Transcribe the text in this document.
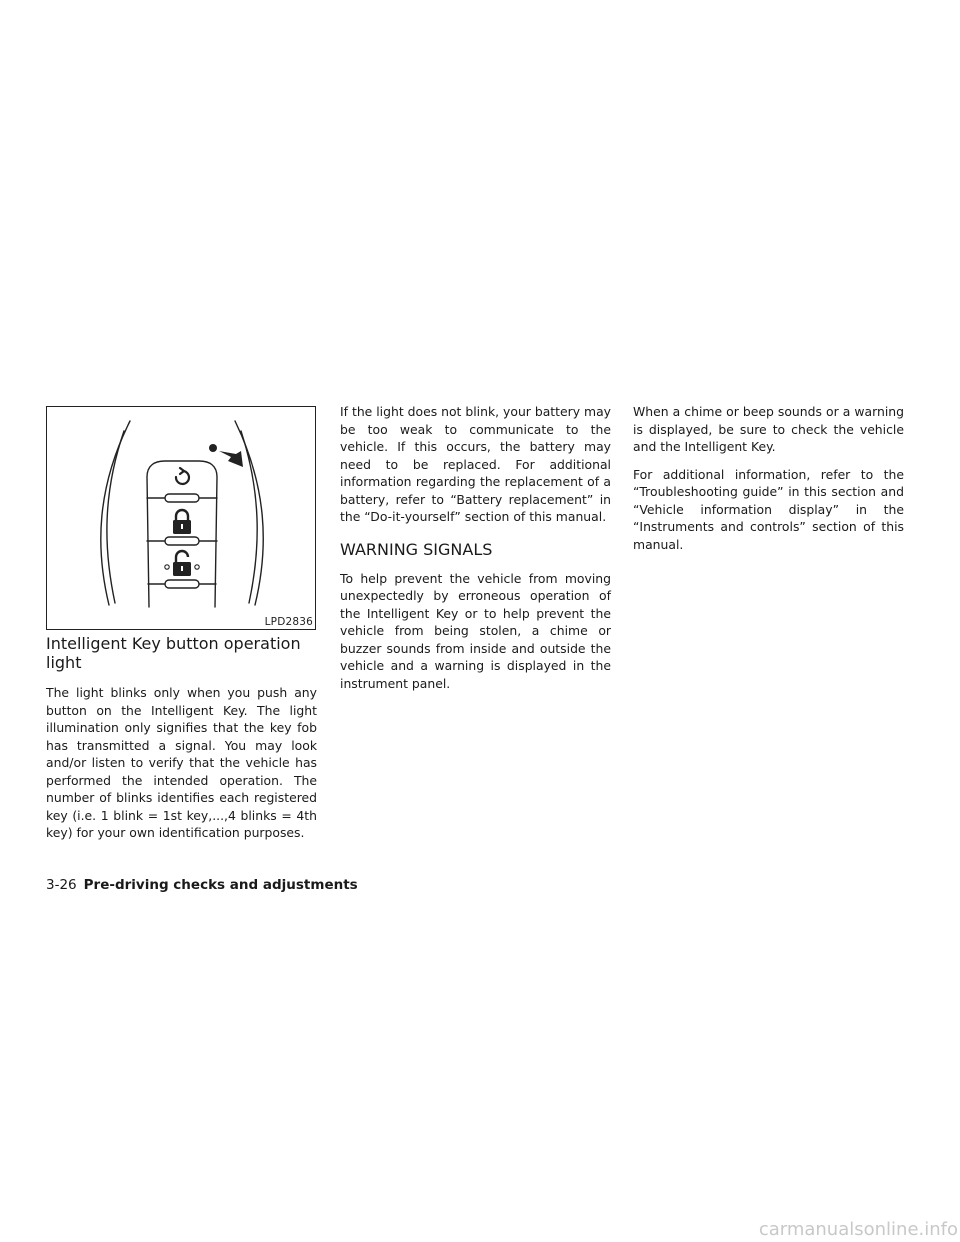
LPD2836
Intelligent Key button operation light

The light blinks only when you push any button on the Intelligent Key. The light illumination only signifies that the key fob has transmitted a signal. You may look and/or listen to verify that the vehicle has performed the intended operation. The number of blinks identifies each registered key (i.e. 1 blink = 1st key,...,4 blinks = 4th key) for your own identification purposes.

If the light does not blink, your battery may be too weak to communicate to the vehicle. If this occurs, the battery may need to be replaced. For additional information regarding the replacement of a battery, refer to “Battery replacement” in the “Do-it-yourself” section of this manual.

WARNING SIGNALS

To help prevent the vehicle from moving unexpectedly by erroneous operation of the Intelligent Key or to help prevent the vehicle from being stolen, a chime or buzzer sounds from inside and outside the vehicle and a warning is displayed in the instrument panel.

When a chime or beep sounds or a warning is displayed, be sure to check the vehicle and the Intelligent Key.

For additional information, refer to the “Troubleshooting guide” in this section and “Vehicle information display” in the “Instruments and controls” section of this manual.

3-26 Pre-driving checks and adjustments
carmanualsonline.info
